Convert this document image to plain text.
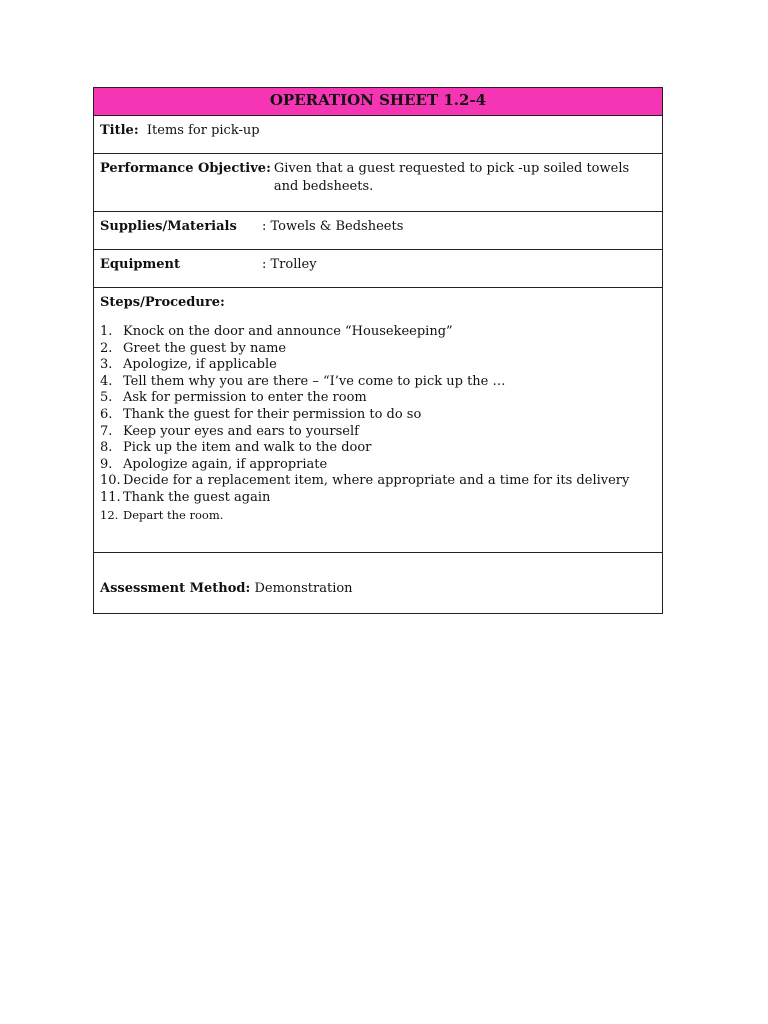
OPERATION SHEET 1.2-4
Title: Items for pick-up
Performance Objective: Given that a guest requested to pick -up soiled towels and bedsheets.
Supplies/Materials	: Towels & Bedsheets
Equipment	: Trolley
Steps/Procedure:
1. Knock on the door and announce “Housekeeping”
2. Greet the guest by name
3. Apologize, if applicable
4. Tell them why you are there – “I’ve come to pick up the …
5. Ask for permission to enter the room
6. Thank the guest for their permission to do so
7. Keep your eyes and ears to yourself
8. Pick up the item and walk to the door
9. Apologize again, if appropriate
10. Decide for a replacement item, where appropriate and a time for its delivery
11. Thank the guest again
12. Depart the room.
Assessment Method: Demonstration
